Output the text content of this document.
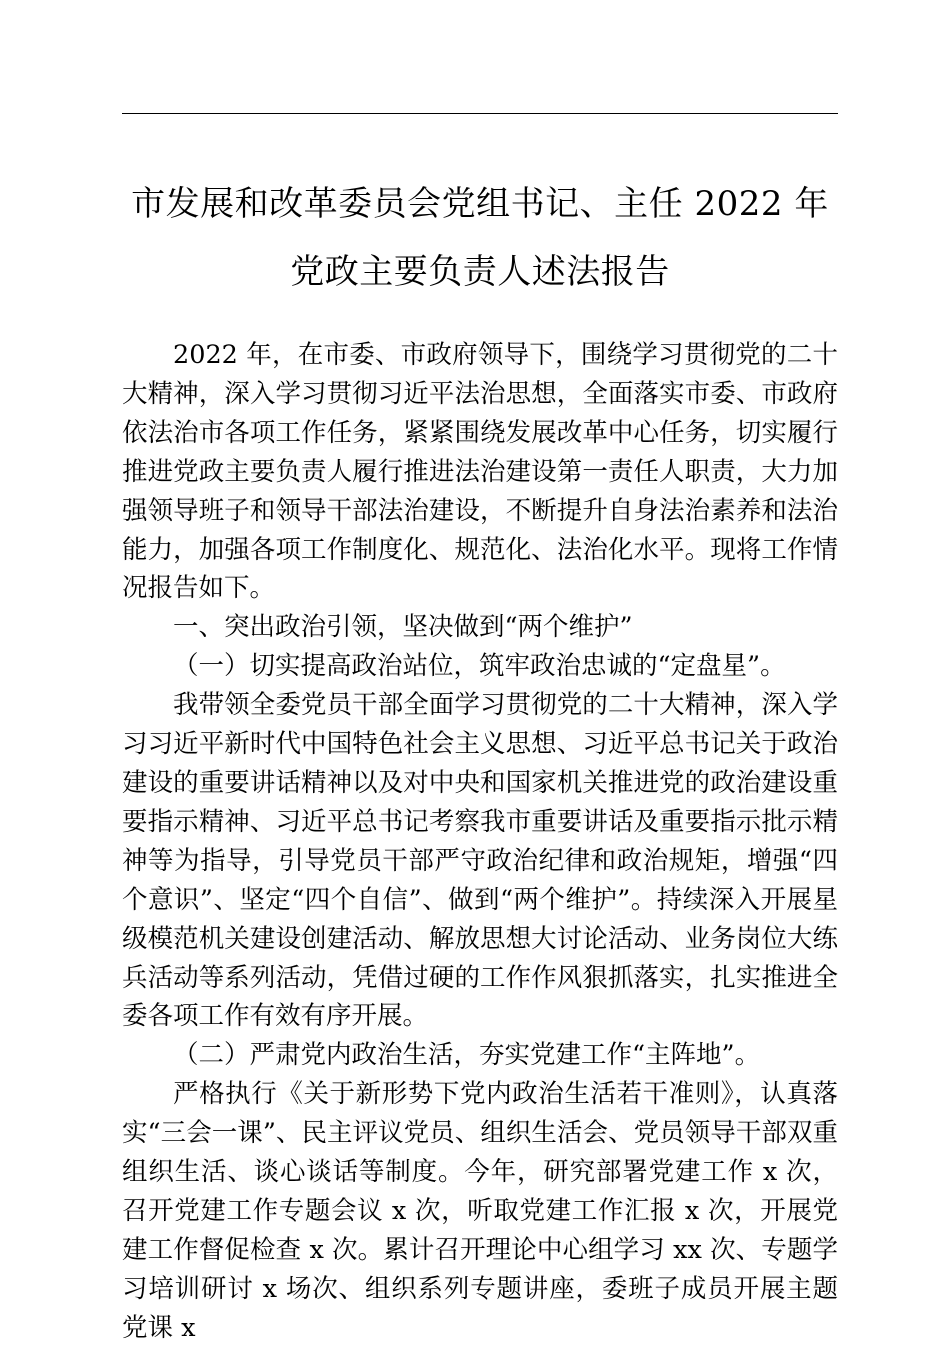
市发展和改革委员会党组书记、主任 2022 年
党政主要负责人述法报告

2022 年，在市委、市政府领导下，围绕学习贯彻党的二十大精神，深入学习贯彻习近平法治思想，全面落实市委、市政府依法治市各项工作任务，紧紧围绕发展改革中心任务，切实履行推进党政主要负责人履行推进法治建设第一责任人职责，大力加强领导班子和领导干部法治建设，不断提升自身法治素养和法治能力，加强各项工作制度化、规范化、法治化水平。现将工作情况报告如下。

一、突出政治引领，坚决做到“两个维护”

（一）切实提高政治站位，筑牢政治忠诚的“定盘星”。

我带领全委党员干部全面学习贯彻党的二十大精神，深入学习习近平新时代中国特色社会主义思想、习近平总书记关于政治建设的重要讲话精神以及对中央和国家机关推进党的政治建设重要指示精神、习近平总书记考察我市重要讲话及重要指示批示精神等为指导，引导党员干部严守政治纪律和政治规矩，增强“四个意识”、坚定“四个自信”、做到“两个维护”。持续深入开展星级模范机关建设创建活动、解放思想大讨论活动、业务岗位大练兵活动等系列活动，凭借过硬的工作作风狠抓落实，扎实推进全委各项工作有效有序开展。

（二）严肃党内政治生活，夯实党建工作“主阵地”。

严格执行《关于新形势下党内政治生活若干准则》，认真落实“三会一课”、民主评议党员、组织生活会、党员领导干部双重组织生活、谈心谈话等制度。今年，研究部署党建工作 x 次，召开党建工作专题会议 x 次，听取党建工作汇报 x 次，开展党建工作督促检查 x 次。累计召开理论中心组学习 xx 次、专题学习培训研讨 x 场次、组织系列专题讲座，委班子成员开展主题党课 x
